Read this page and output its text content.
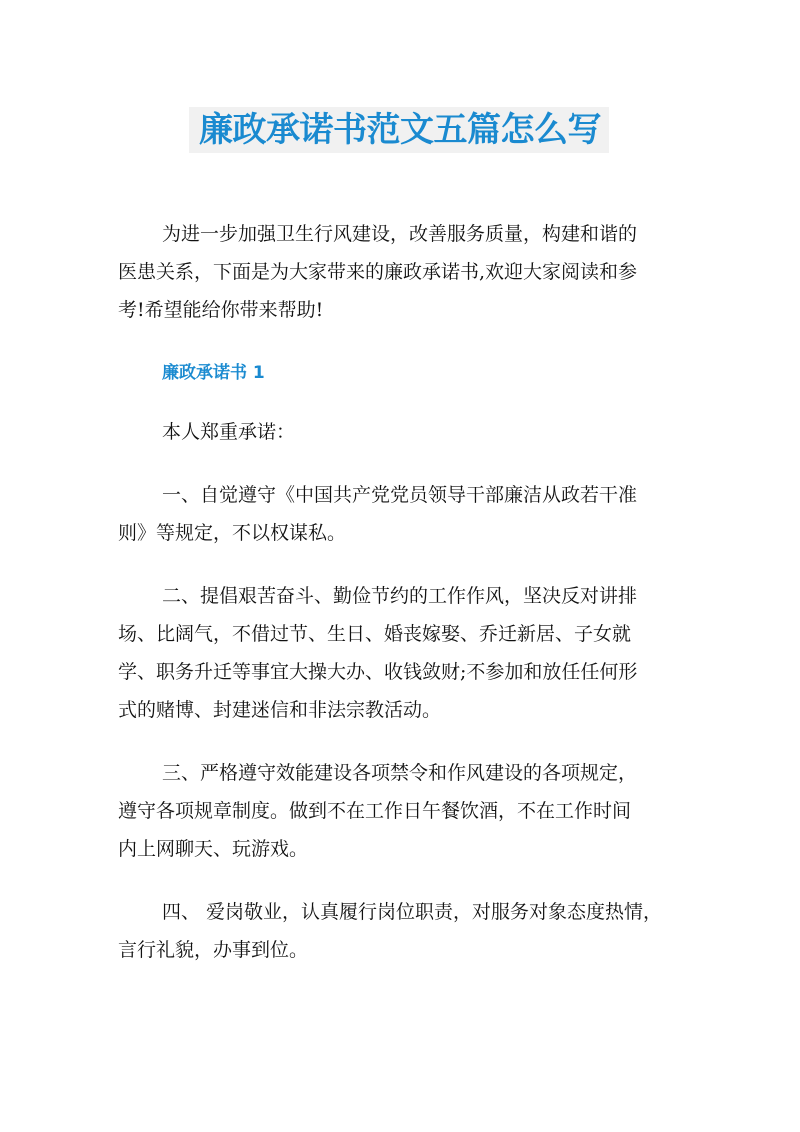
廉政承诺书范文五篇怎么写
为进一步加强卫生行风建设，改善服务质量，构建和谐的
医患关系，下面是为大家带来的廉政承诺书,欢迎大家阅读和参
考!希望能给你带来帮助!
廉政承诺书 1
本人郑重承诺：
一、自觉遵守《中国共产党党员领导干部廉洁从政若干准
则》等规定，不以权谋私。
二、提倡艰苦奋斗、勤俭节约的工作作风，坚决反对讲排
场、比阔气，不借过节、生日、婚丧嫁娶、乔迁新居、子女就
学、职务升迁等事宜大操大办、收钱敛财;不参加和放任任何形
式的赌博、封建迷信和非法宗教活动。
三、严格遵守效能建设各项禁令和作风建设的各项规定，
遵守各项规章制度。做到不在工作日午餐饮酒，不在工作时间
内上网聊天、玩游戏。
四、 爱岗敬业，认真履行岗位职责，对服务对象态度热情，
言行礼貌，办事到位。
